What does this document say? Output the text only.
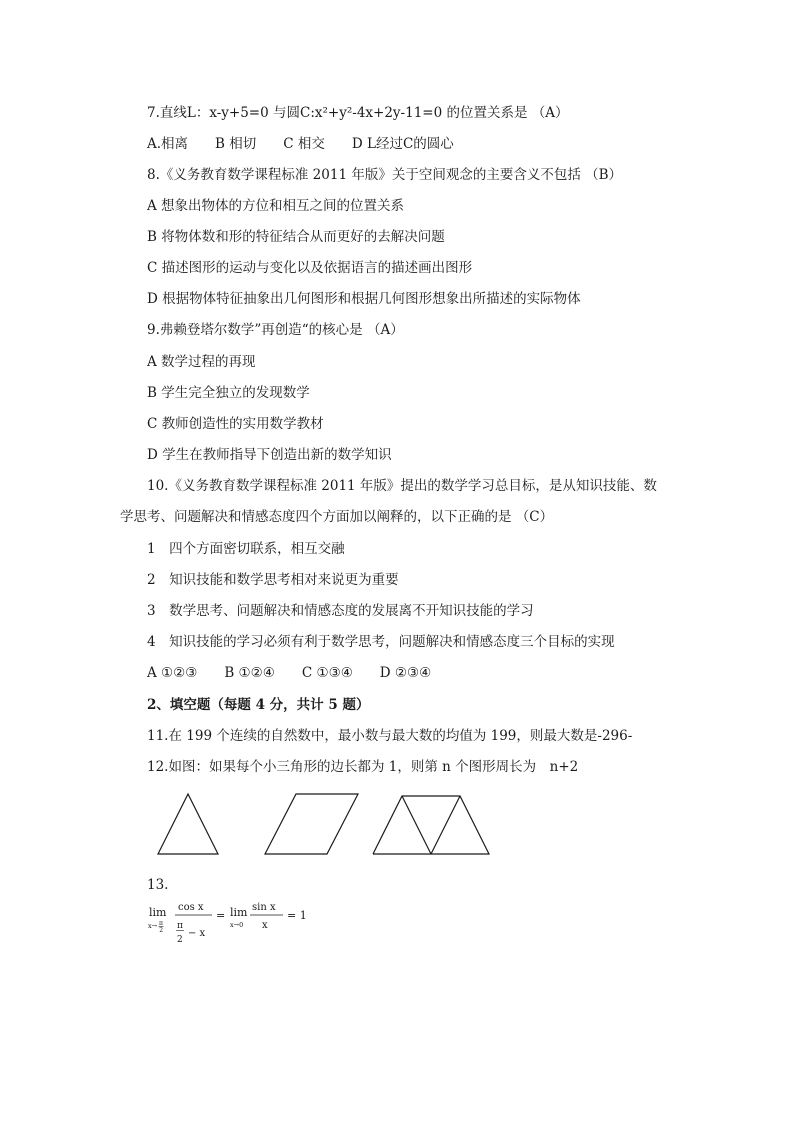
7.直线L：x-y+5=0 与圆C:x²+y²-4x+2y-11=0 的位置关系是 （A）
A.相离　　B 相切　　C 相交　　D L经过C的圆心
8.《义务教育数学课程标准 2011 年版》关于空间观念的主要含义不包括 （B）
A 想象出物体的方位和相互之间的位置关系
B 将物体数和形的特征结合从而更好的去解决问题
C 描述图形的运动与变化以及依据语言的描述画出图形
D 根据物体特征抽象出几何图形和根据几何图形想象出所描述的实际物体
9.弗赖登塔尔数学”再创造“的核心是 （A）
A 数学过程的再现
B 学生完全独立的发现数学
C 教师创造性的实用数学教材
D 学生在教师指导下创造出新的数学知识
10.《义务教育数学课程标准 2011 年版》提出的数学学习总目标，是从知识技能、数
学思考、问题解决和情感态度四个方面加以阐释的，以下正确的是 （C）
1　四个方面密切联系，相互交融
2　知识技能和数学思考相对来说更为重要
3　数学思考、问题解决和情感态度的发展离不开知识技能的学习
4　知识技能的学习必须有利于数学思考，问题解决和情感态度三个目标的实现
A ①②③　　B ①②④　　C ①③④　　D ②③④
2、填空题（每题 4 分，共计 5 题）
11.在 199 个连续的自然数中，最小数与最大数的均值为 199，则最大数是-296-
12.如图：如果每个小三角形的边长都为 1，则第 n 个图形周长为　n+2
13.
lim
x→ π
2
cos x
π
2
− x
= lim
x→0
sin x
x
= 1
